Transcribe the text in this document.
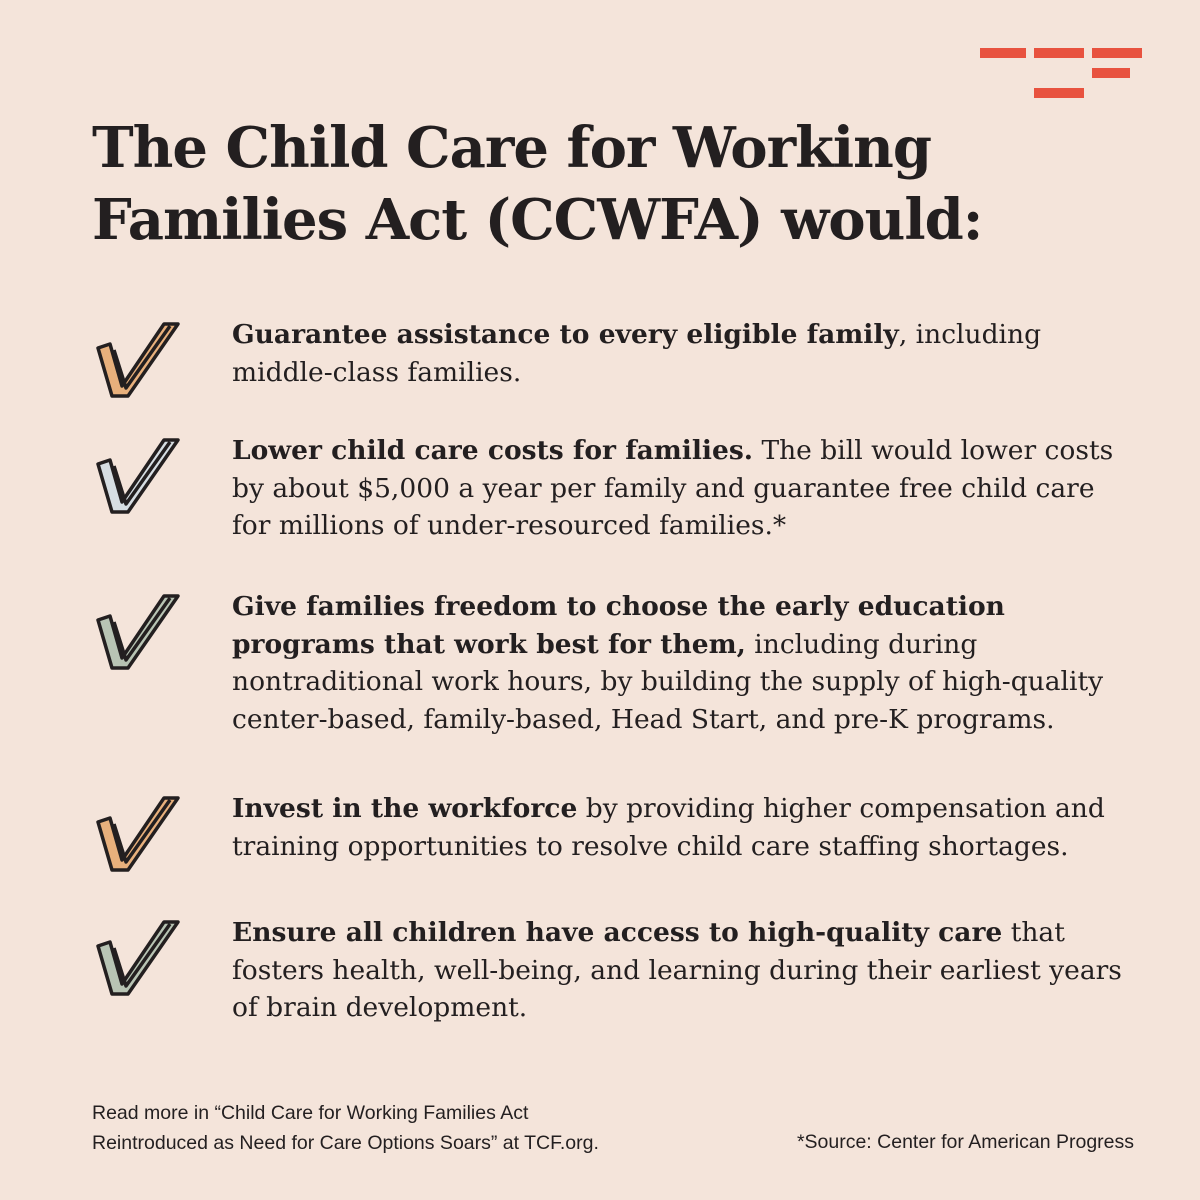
The Child Care for Working
Families Act (CCWFA) would:

Guarantee assistance to every eligible family, including middle-class families.

Lower child care costs for families. The bill would lower costs by about $5,000 a year per family and guarantee free child care for millions of under-resourced families.*

Give families freedom to choose the early education programs that work best for them, including during nontraditional work hours, by building the supply of high-quality center-based, family-based, Head Start, and pre-K programs.

Invest in the workforce by providing higher compensation and training opportunities to resolve child care staffing shortages.

Ensure all children have access to high-quality care that fosters health, well-being, and learning during their earliest years of brain development.

Read more in “Child Care for Working Families Act
Reintroduced as Need for Care Options Soars” at TCF.org.	*Source: Center for American Progress
